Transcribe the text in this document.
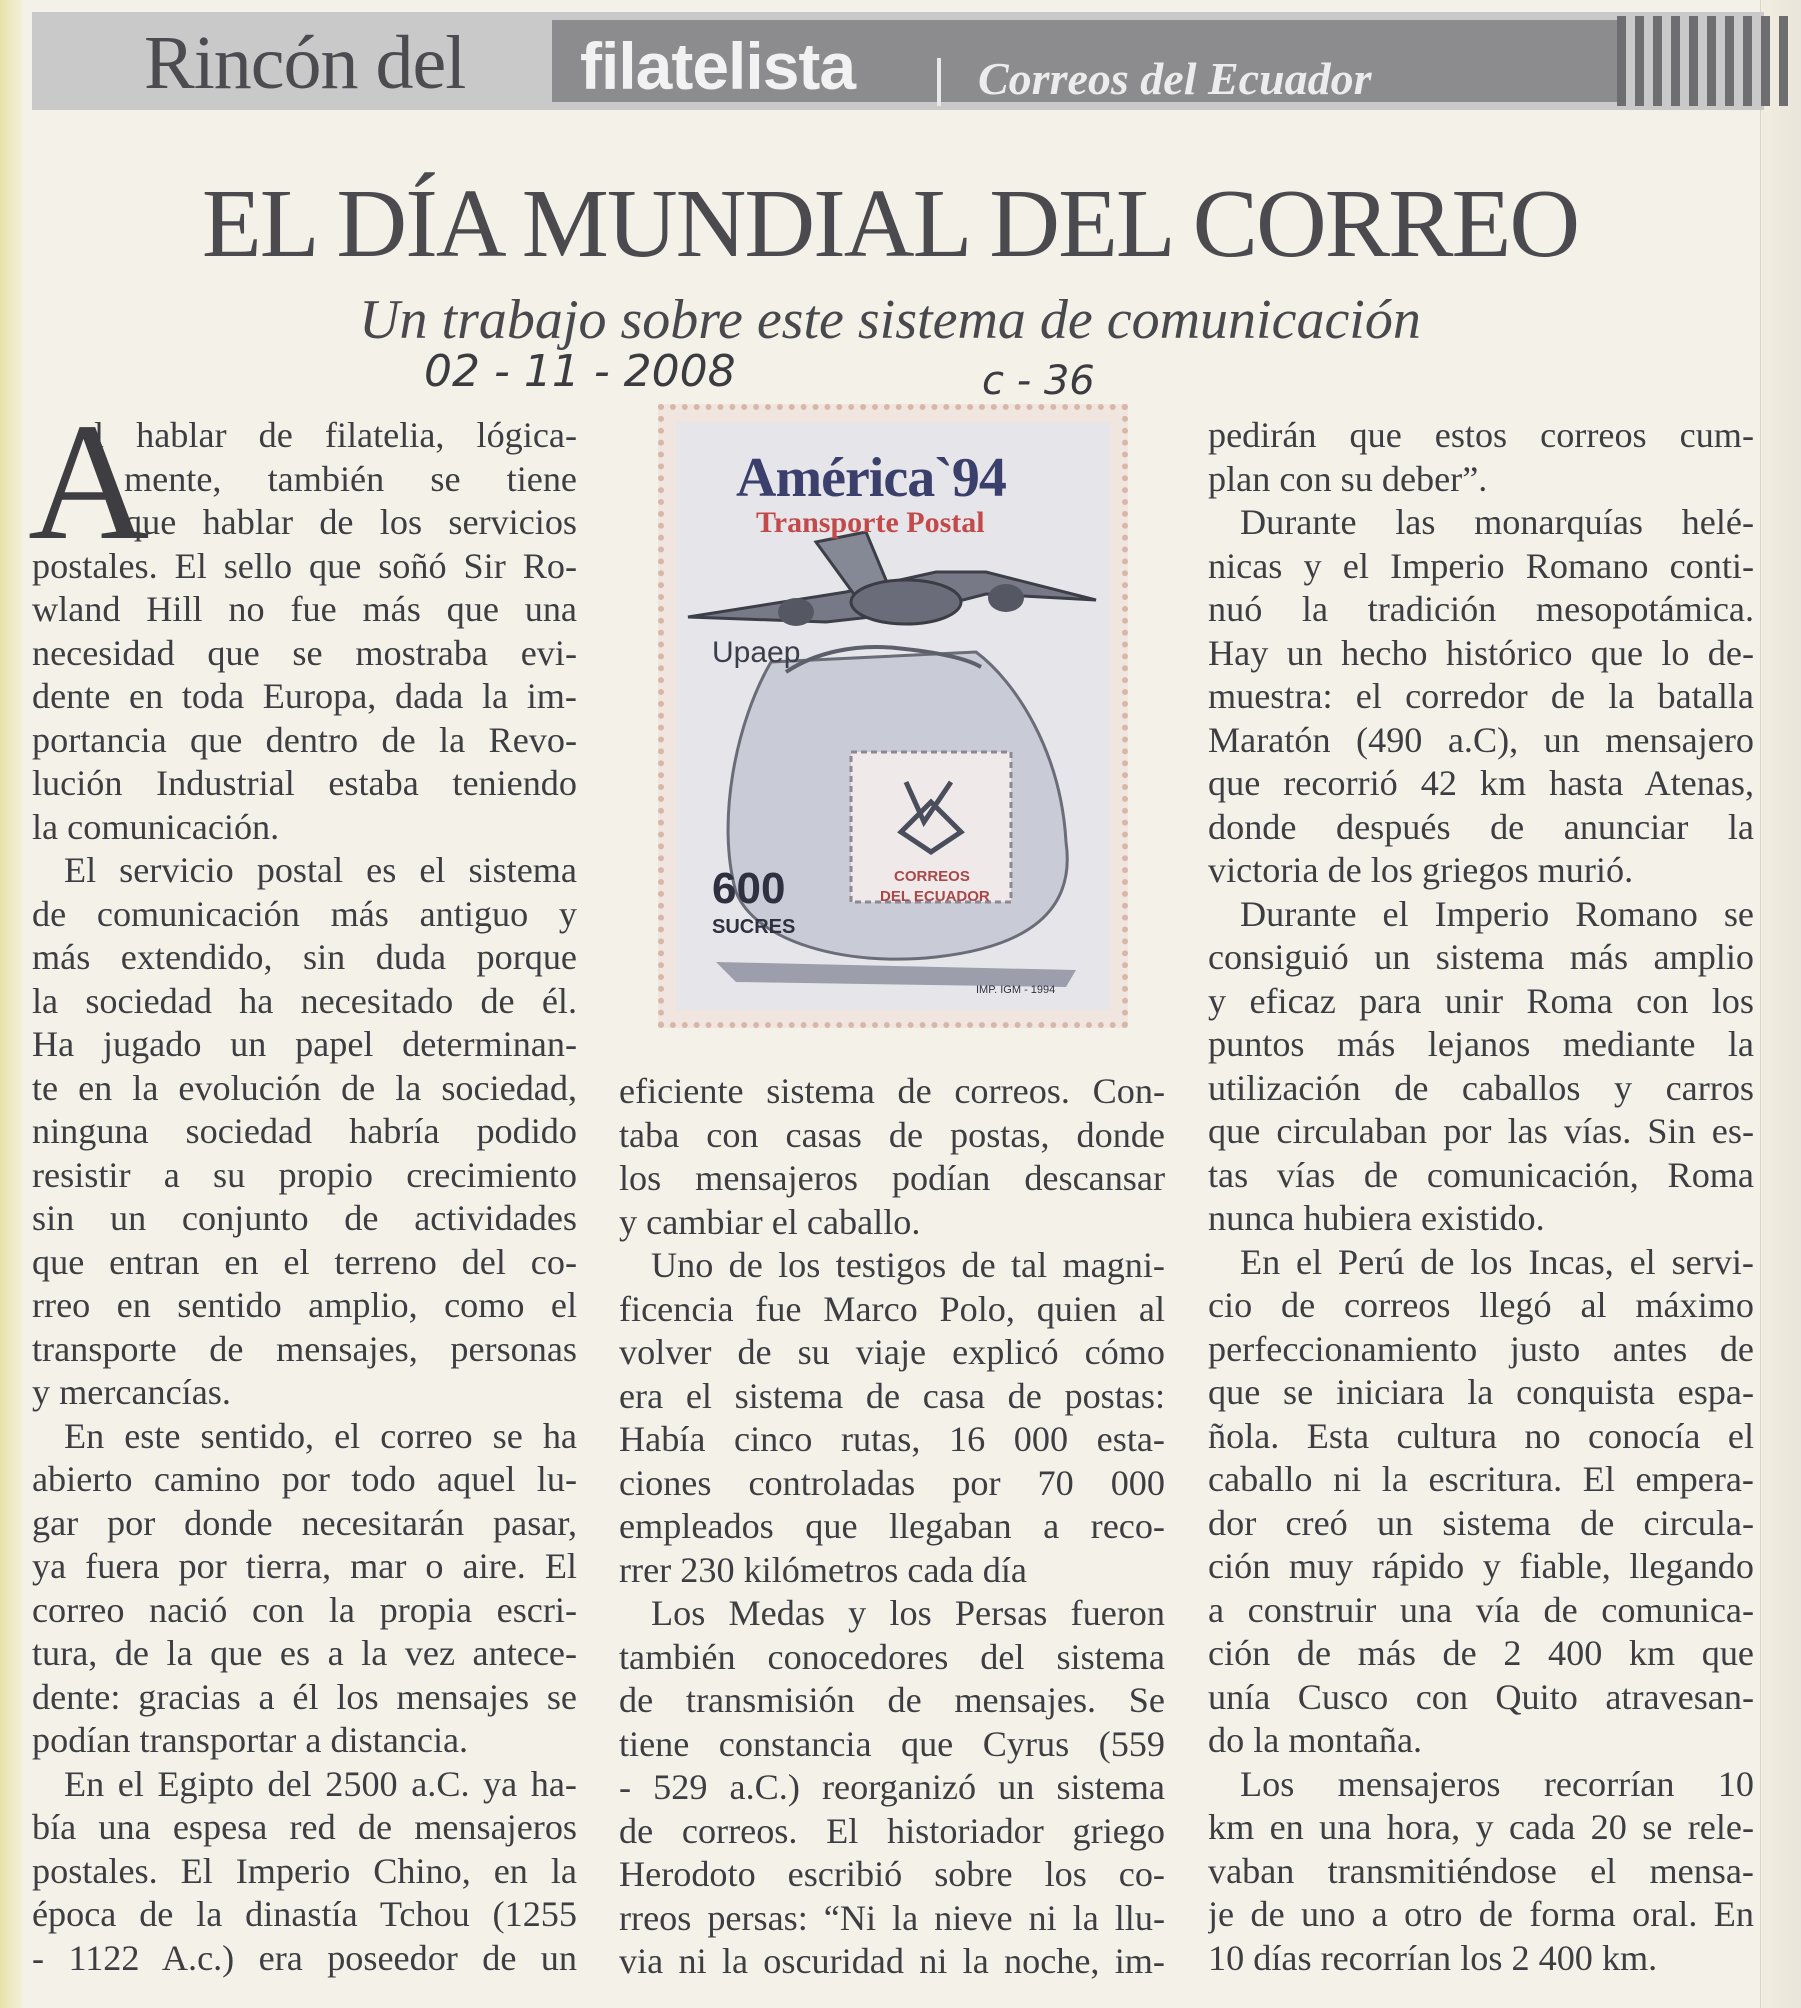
Rincón del filatelista	Correos del Ecuador
EL DÍA MUNDIAL DEL CORREO
Un trabajo sobre este sistema de comunicación
02 - 11 - 2008	c - 36
A

l hablar de filatelia, lógica-

mente, también se tiene

que hablar de los servicios

postales. El sello que soñó Sir Ro-

wland Hill no fue más que una

necesidad que se mostraba evi-

dente en toda Europa, dada la im-

portancia que dentro de la Revo-

lución Industrial estaba teniendo

la comunicación.

El servicio postal es el sistema

de comunicación más antiguo y

más extendido, sin duda porque

la sociedad ha necesitado de él.

Ha jugado un papel determinan-

te en la evolución de la sociedad,

ninguna sociedad habría podido

resistir a su propio crecimiento

sin un conjunto de actividades

que entran en el terreno del co-

rreo en sentido amplio, como el

transporte de mensajes, personas

y mercancías.

En este sentido, el correo se ha

abierto camino por todo aquel lu-

gar por donde necesitarán pasar,

ya fuera por tierra, mar o aire. El

correo nació con la propia escri-

tura, de la que es a la vez antece-

dente: gracias a él los mensajes se

podían transportar a distancia.

En el Egipto del 2500 a.C. ya ha-

bía una espesa red de mensajeros

postales. El Imperio Chino, en la

época de la dinastía Tchou (1255

- 1122 A.c.) era poseedor de un

América`94
Transporte Postal
Upaep
600
SUCRES
CORREOS
DEL ECUADOR
IMP. IGM - 1994

eficiente sistema de correos. Con-

taba con casas de postas, donde

los mensajeros podían descansar

y cambiar el caballo.

Uno de los testigos de tal magni-

ficencia fue Marco Polo, quien al

volver de su viaje explicó cómo

era el sistema de casa de postas:

Había cinco rutas, 16 000 esta-

ciones controladas por 70 000

empleados que llegaban a reco-

rrer 230 kilómetros cada día

Los Medas y los Persas fueron

también conocedores del sistema

de transmisión de mensajes. Se

tiene constancia que Cyrus (559

- 529 a.C.) reorganizó un sistema

de correos. El historiador griego

Herodoto escribió sobre los co-

rreos persas: “Ni la nieve ni la llu-

via ni la oscuridad ni la noche, im-

pedirán que estos correos cum-

plan con su deber”.

Durante las monarquías helé-

nicas y el Imperio Romano conti-

nuó la tradición mesopotámica.

Hay un hecho histórico que lo de-

muestra: el corredor de la batalla

Maratón (490 a.C), un mensajero

que recorrió 42 km hasta Atenas,

donde después de anunciar la

victoria de los griegos murió.

Durante el Imperio Romano se

consiguió un sistema más amplio

y eficaz para unir Roma con los

puntos más lejanos mediante la

utilización de caballos y carros

que circulaban por las vías. Sin es-

tas vías de comunicación, Roma

nunca hubiera existido.

En el Perú de los Incas, el servi-

cio de correos llegó al máximo

perfeccionamiento justo antes de

que se iniciara la conquista espa-

ñola. Esta cultura no conocía el

caballo ni la escritura. El empera-

dor creó un sistema de circula-

ción muy rápido y fiable, llegando

a construir una vía de comunica-

ción de más de 2 400 km que

unía Cusco con Quito atravesan-

do la montaña.

Los mensajeros recorrían 10

km en una hora, y cada 20 se rele-

vaban transmitiéndose el mensa-

je de uno a otro de forma oral. En

10 días recorrían los 2 400 km.
